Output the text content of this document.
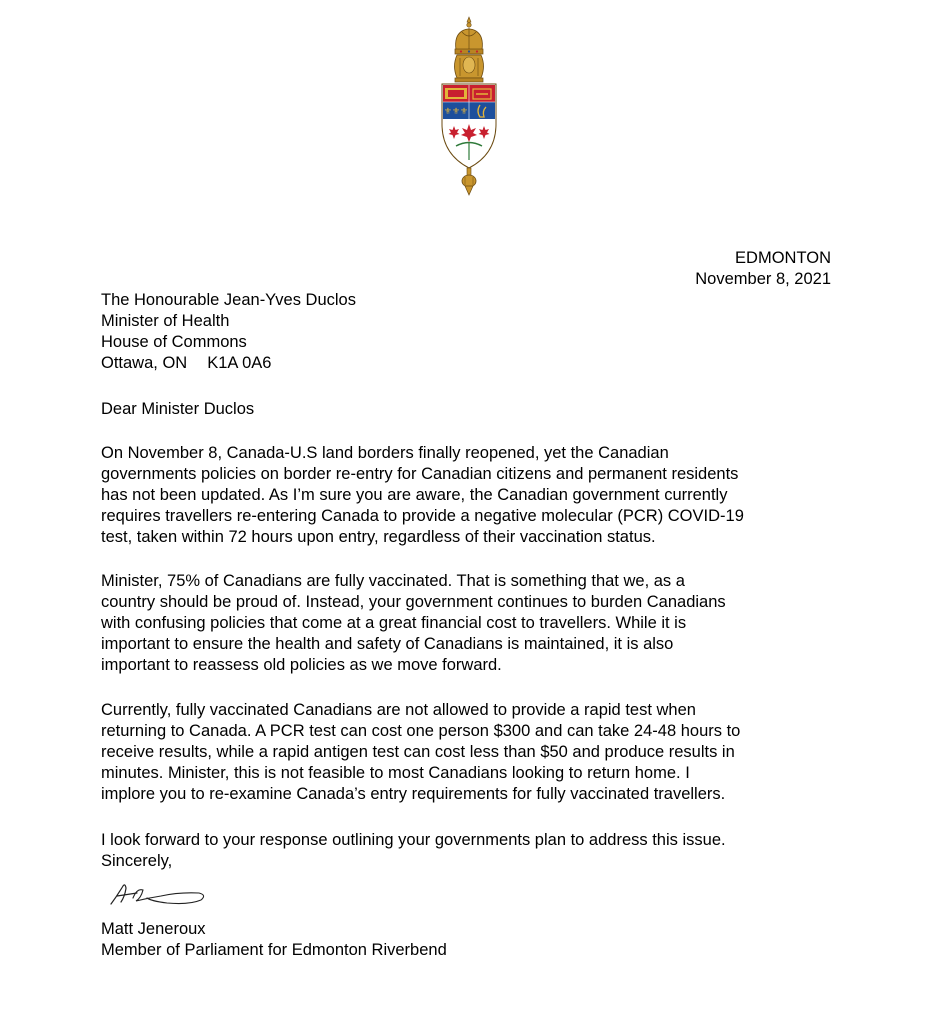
⚜⚜⚜
EDMONTON
November 8, 2021
The Honourable Jean-Yves Duclos
Minister of Health
House of Commons
Ottawa, ON K1A 0A6
Dear Minister Duclos
On November 8, Canada-U.S land borders finally reopened, yet the Canadian
governments policies on border re-entry for Canadian citizens and permanent residents
has not been updated. As I’m sure you are aware, the Canadian government currently
requires travellers re-entering Canada to provide a negative molecular (PCR) COVID-19
test, taken within 72 hours upon entry, regardless of their vaccination status.
Minister, 75% of Canadians are fully vaccinated. That is something that we, as a
country should be proud of. Instead, your government continues to burden Canadians
with confusing policies that come at a great financial cost to travellers. While it is
important to ensure the health and safety of Canadians is maintained, it is also
important to reassess old policies as we move forward.
Currently, fully vaccinated Canadians are not allowed to provide a rapid test when
returning to Canada. A PCR test can cost one person $300 and can take 24-48 hours to
receive results, while a rapid antigen test can cost less than $50 and produce results in
minutes. Minister, this is not feasible to most Canadians looking to return home. I
implore you to re-examine Canada’s entry requirements for fully vaccinated travellers.
I look forward to your response outlining your governments plan to address this issue.
Sincerely,
Matt Jeneroux
Member of Parliament for Edmonton Riverbend
